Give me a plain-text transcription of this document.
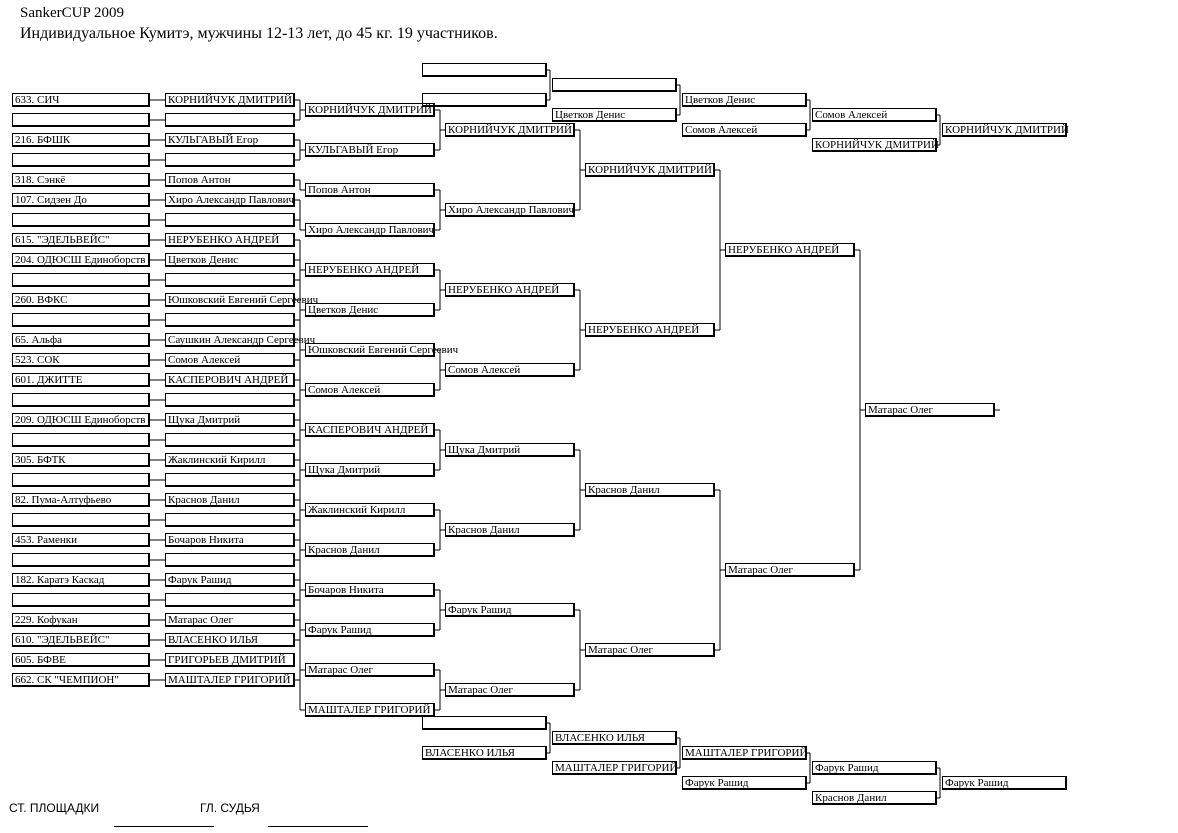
SankerCUP 2009
Индивидуальное Кумитэ, мужчины 12-13 лет, до 45 кг. 19 участников.
633. СИЧ	КОРНИЙЧУК ДМИТРИЙ
216. БФШК	КУЛЬГАВЫЙ Егор
318. Сэнкё	Попов Антон
107. Сидзен До	Хиро Александр Павлович
615. "ЭДЕЛЬВЕЙС"	НЕРУБЕНКО АНДРЕЙ
204. ОДЮСШ Единоборств	Цветков Денис
260. ВФКС	Юшковский Евгений Сергеевич
65. Альфа	Саушкин Александр Сергеевич
523. СОК	Сомов Алексей
601. ДЖИТТЕ	КАСПЕРОВИЧ АНДРЕЙ
209. ОДЮСШ Единоборств	Щука Дмитрий
305. БФТК	Жаклинский Кирилл
82. Пума-Алтуфьево	Краснов Данил
453. Раменки	Бочаров Никита
182. Каратэ Каскад	Фарук Рашид
229. Кофукан	Матарас Олег
610. "ЭДЕЛЬВЕЙС"	ВЛАСЕНКО ИЛЬЯ
605. БФВЕ	ГРИГОРЬЕВ ДМИТРИЙ
662. СК "ЧЕМПИОН"	МАШТАЛЕР ГРИГОРИЙ
КОРНИЙЧУК ДМИТРИЙ
КУЛЬГАВЫЙ Егор
Попов Антон
Хиро Александр Павлович
НЕРУБЕНКО АНДРЕЙ
Цветков Денис
Юшковский Евгений Сергеевич
Сомов Алексей
КАСПЕРОВИЧ АНДРЕЙ
Щука Дмитрий
Жаклинский Кирилл
Краснов Данил
Бочаров Никита
Фарук Рашид
Матарас Олег
МАШТАЛЕР ГРИГОРИЙ
КОРНИЙЧУК ДМИТРИЙ
Хиро Александр Павлович
НЕРУБЕНКО АНДРЕЙ
Сомов Алексей
Щука Дмитрий
Краснов Данил
Фарук Рашид
Матарас Олег
КОРНИЙЧУК ДМИТРИЙ
НЕРУБЕНКО АНДРЕЙ
Краснов Данил
Матарас Олег
НЕРУБЕНКО АНДРЕЙ
Матарас Олег
Матарас Олег
Цветков Денис
Цветков Денис
Сомов Алексей
Сомов Алексей
КОРНИЙЧУК ДМИТРИЙ
КОРНИЙЧУК ДМИТРИЙ
ВЛАСЕНКО ИЛЬЯ
ВЛАСЕНКО ИЛЬЯ
МАШТАЛЕР ГРИГОРИЙ
МАШТАЛЕР ГРИГОРИЙ
Фарук Рашид
Фарук Рашид
Краснов Данил
Фарук Рашид
СТ. ПЛОЩАДКИ	ГЛ. СУДЬЯ
